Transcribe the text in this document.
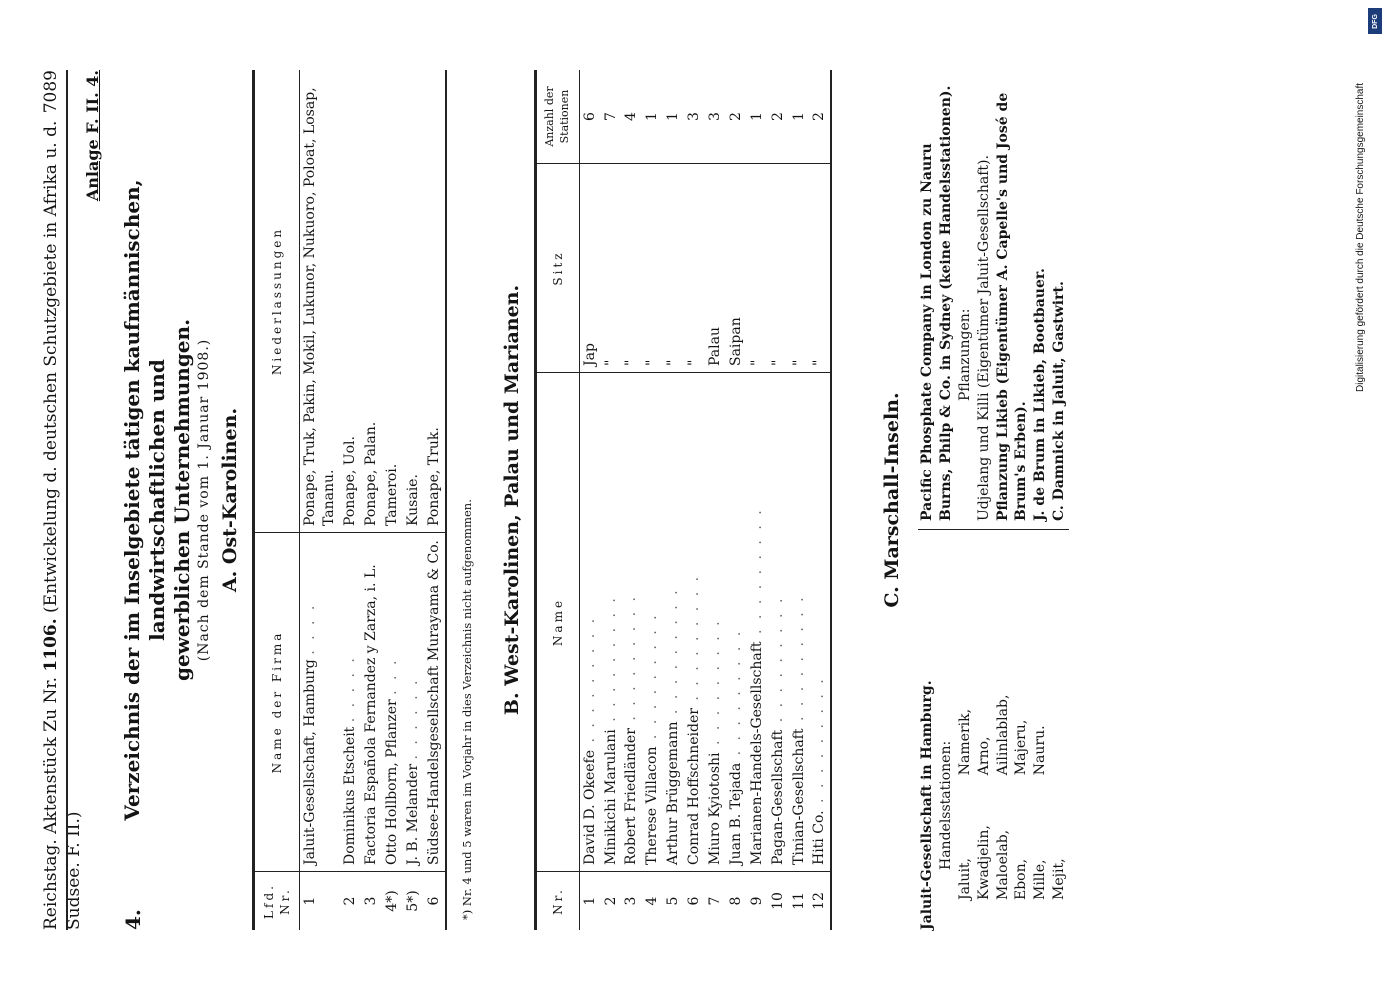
DFG
Digitalisierung gefördert durch die Deutsche Forschungsgemeinschaft
Reichstag. Aktenstück Zu Nr. 1106. (Entwickelung d. deutschen Schutzgebiete in Afrika u. d. Südsee. F. II.)
7089 Anlage F. II. 4.
4.
Verzeichnis der im Inselgebiete tätigen kaufmännischen, landwirtschaftlichen und gewerblichen Unternehmungen. (Nach dem Stande vom 1. Januar 1908.) A. Ost-Karolinen.
Lfd. Nr.	Name der Firma	Niederlassungen
1	Jaluit-Gesellschaft, Hamburg . . . .	Ponape, Truk, Pakin, Mokil, Lukunor, Nukuoro, Poloat, Losap, Tananu.
2	Dominikus Etscheit . . . . .	Ponape, Uol.
3	Factoria Española Fernandez y Zarza, i. L.	Ponape, Palan.
4*)	Otto Hollborn, Pflanzer . . .	Tameroi.
5*)	J. B. Melander . . . . . .	Kusaie.
6	Südsee-Handelsgesellschaft Murayama & Co.	Ponape, Truk.
*) Nr. 4 und 5 waren im Vorjahr in dies Verzeichnis nicht aufgenommen. B. West-Karolinen, Palau und Marianen.
Nr.	Name	Sitz	Anzahl der Stationen
1	David D. Okeefe . . . . . . . . .	Jap	6
2	Minikichi Marulani . . . . . . . . .	"	7
3	Robert Friedländer . . . . . . . . .	"	4
4	Therese Villacon . . . . . . . . .	"	1
5	Arthur Brüggemann . . . . . . . . .	"	1
6	Conrad Hoffschneider . . . . . . . . .	"	3
7	Miuro Kyiotoshi . . . . . . . . .	Palau	3
8	Juan B. Tejada . . . . . . . . .	Saipan	2
9	Marianen-Handels-Gesellschaft . . . . . . . . .	"	1
10	Pagan-Gesellschaft . . . . . . . . .	"	2
11	Tinian-Gesellschaft . . . . . . . . .	"	1
12	Hiti Co. . . . . . . . . .	"	2
C. Marschall-Inseln.
Jaluit-Gesellschaft in Hamburg. Handelsstationen:
Jaluit, Kwadjelin, Maloelab, Ebon, Mille, Mejit,
Namerik, Arno, Ailinlablab, Majeru, Nauru.
Pacific Phosphate Company in London zu Nauru Burns, Philp & Co. in Sydney (keine Handelsstationen). Pflanzungen: Udjelang und Killi (Eigentümer Jaluit-Gesellschaft). Pflanzung Likieb (Eigentümer A. Capelle's und José de Brum's Erben). J. de Brum in Likieb, Bootbauer. C. Damnick in Jaluit, Gastwirt.
